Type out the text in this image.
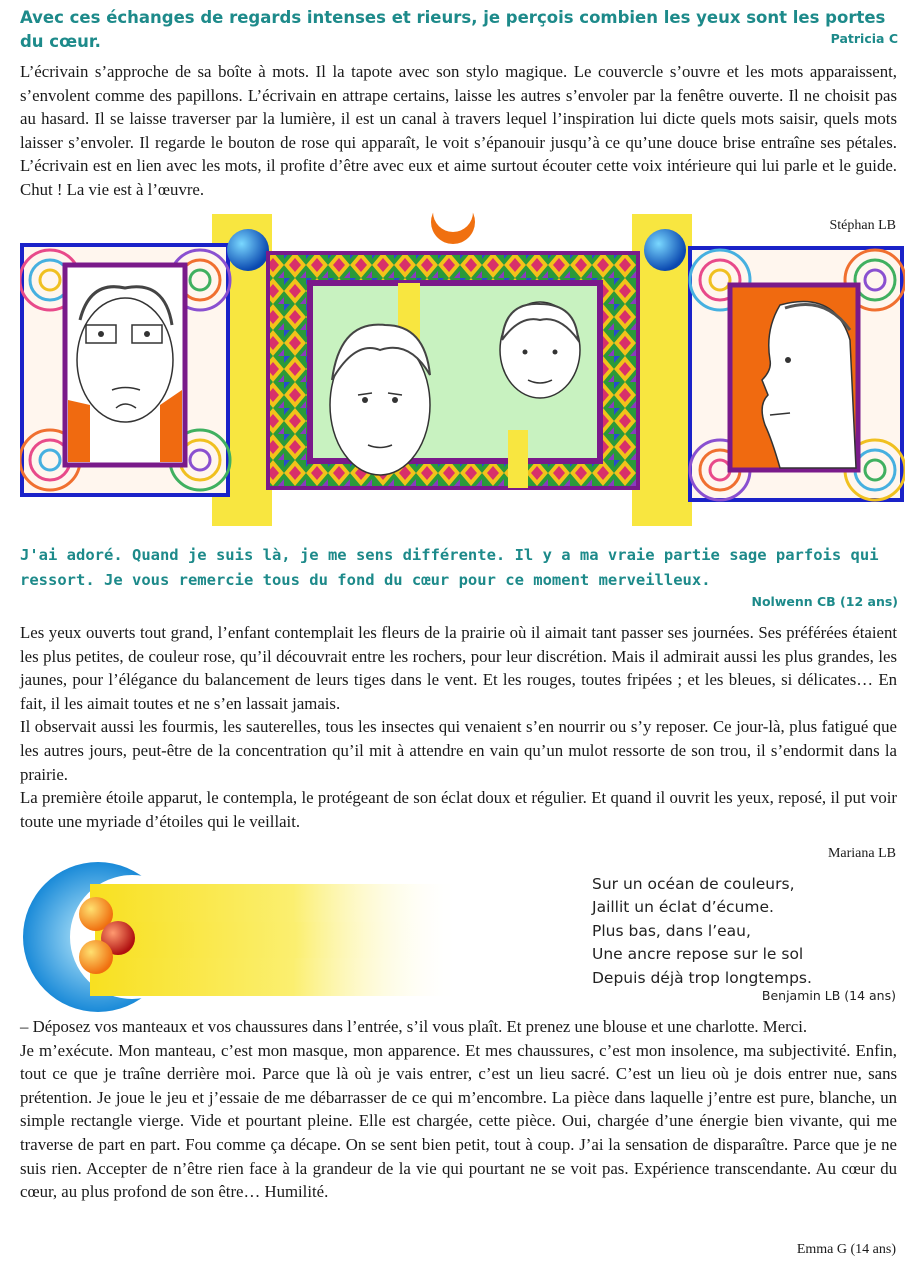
Avec ces échanges de regards intenses et rieurs, je perçois combien les yeux sont les portes du cœur.	Patricia C
L’écrivain s’approche de sa boîte à mots. Il la tapote avec son stylo magique. Le couvercle s’ouvre et les mots apparaissent, s’envolent comme des papillons. L’écrivain en attrape certains, laisse les autres s’envoler par la fenêtre ouverte. Il ne choisit pas au hasard. Il se laisse traverser par la lumière, il est un canal à travers lequel l’inspiration lui dicte quels mots saisir, quels mots laisser s’envoler. Il regarde le bouton de rose qui apparaît, le voit s’épanouir jusqu’à ce qu’une douce brise entraîne ses pétales. L’écrivain est en lien avec les mots, il profite d’être avec eux et aime surtout écouter cette voix intérieure qui lui parle et le guide. Chut ! La vie est à l’œuvre.
Stéphan LB
J'ai adoré. Quand je suis là, je me sens différente. Il y a ma vraie partie sage parfois qui ressort. Je vous remercie tous du fond du cœur pour ce moment merveilleux.
Nolwenn CB (12 ans)

Les yeux ouverts tout grand, l’enfant contemplait les fleurs de la prairie où il aimait tant passer ses journées. Ses préférées étaient les plus petites, de couleur rose, qu’il découvrait entre les rochers, pour leur discrétion. Mais il admirait aussi les plus grandes, les jaunes, pour l’élégance du balancement de leurs tiges dans le vent. Et les rouges, toutes fripées ; et les bleues, si délicates… En fait, il les aimait toutes et ne s’en lassait jamais.

Il observait aussi les fourmis, les sauterelles, tous les insectes qui venaient s’en nourrir ou s’y reposer. Ce jour-là, plus fatigué que les autres jours, peut-être de la concentration qu’il mit à attendre en vain qu’un mulot ressorte de son trou, il s’endormit dans la prairie.

La première étoile apparut, le contempla, le protégeant de son éclat doux et régulier. Et quand il ouvrit les yeux, reposé, il put voir toute une myriade d’étoiles qui le veillait.

Mariana LB
Sur un océan de couleurs,
Jaillit un éclat d’écume.
Plus bas, dans l’eau,
Une ancre repose sur le sol
Depuis déjà trop longtemps.
Benjamin LB (14 ans)

– Déposez vos manteaux et vos chaussures dans l’entrée, s’il vous plaît. Et prenez une blouse et une charlotte. Merci.

Je m’exécute. Mon manteau, c’est mon masque, mon apparence. Et mes chaussures, c’est mon insolence, ma subjectivité. Enfin, tout ce que je traîne derrière moi. Parce que là où je vais entrer, c’est un lieu sacré. C’est un lieu où je dois entrer nue, sans prétention. Je joue le jeu et j’essaie de me débarrasser de ce qui m’encombre. La pièce dans laquelle j’entre est pure, blanche, un simple rectangle vierge. Vide et pourtant pleine. Elle est chargée, cette pièce. Oui, chargée d’une énergie bien vivante, qui me traverse de part en part. Fou comme ça décape. On se sent bien petit, tout à coup. J’ai la sensation de disparaître. Parce que je ne suis rien. Accepter de n’être rien face à la grandeur de la vie qui pourtant ne se voit pas. Expérience transcendante. Au cœur du cœur, au plus profond de son être… Humilité.

Emma G (14 ans)
